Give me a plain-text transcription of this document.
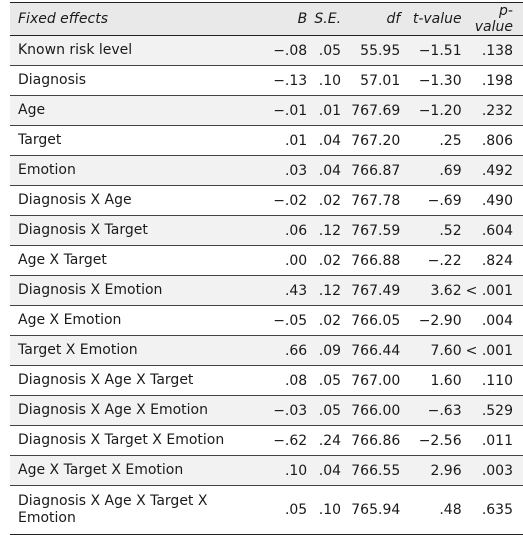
Fixed effects	B	S.E.	df	t-value	p-value
Known risk level	−.08	.05	55.95	−1.51	.138
Diagnosis	−.13	.10	57.01	−1.30	.198
Age	−.01	.01	767.69	−1.20	.232
Target	.01	.04	767.20	.25	.806
Emotion	.03	.04	766.87	.69	.492
Diagnosis X Age	−.02	.02	767.78	−.69	.490
Diagnosis X Target	.06	.12	767.59	.52	.604
Age X Target	.00	.02	766.88	−.22	.824
Diagnosis X Emotion	.43	.12	767.49	3.62	< .001
Age X Emotion	−.05	.02	766.05	−2.90	.004
Target X Emotion	.66	.09	766.44	7.60	< .001
Diagnosis X Age X Target	.08	.05	767.00	1.60	.110
Diagnosis X Age X Emotion	−.03	.05	766.00	−.63	.529
Diagnosis X Target X Emotion	−.62	.24	766.86	−2.56	.011
Age X Target X Emotion	.10	.04	766.55	2.96	.003
Diagnosis X Age X Target X Emotion	.05	.10	765.94	.48	.635
